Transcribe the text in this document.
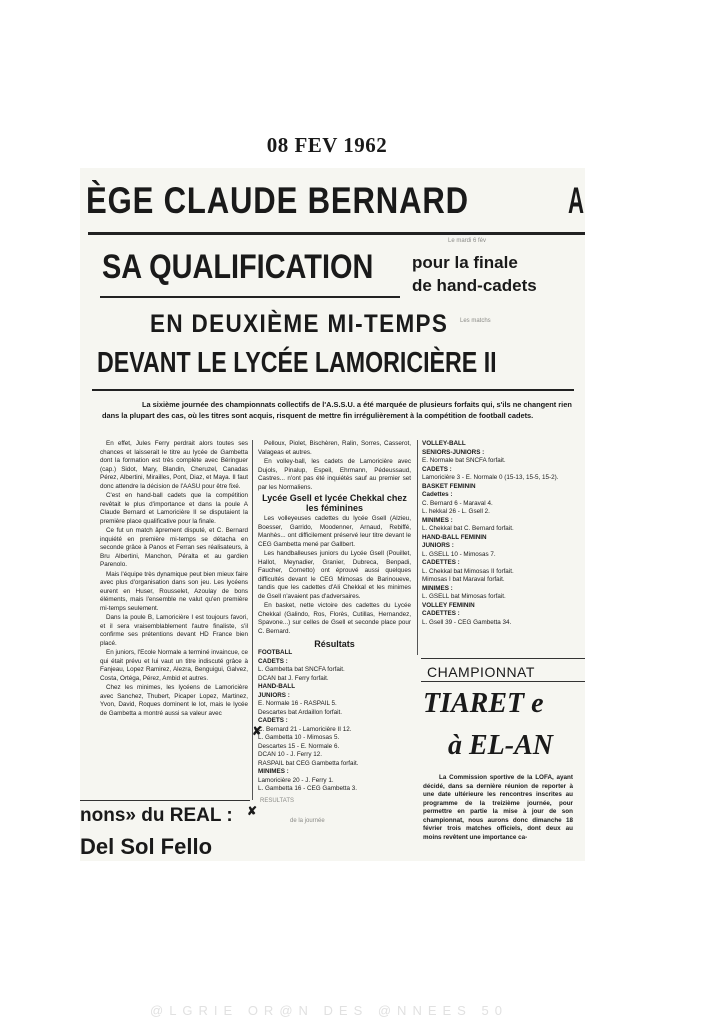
08 FEV 1962
ÈGE CLAUDE BERNARD	A
SA QUALIFICATION pour la finale
de hand-cadets
EN DEUXIÈME MI-TEMPS
DEVANT LE LYCÉE LAMORICIÈRE II
La sixième journée des championnats collectifs de l'A.S.S.U. a été marquée de plusieurs forfaits qui, s'ils ne changent rien dans la plupart des cas, où les titres sont acquis, risquent de mettre fin irrégulièrement à la compétition de football cadets.

En effet, Jules Ferry perdrait alors toutes ses chances et laisserait le titre au lycée de Gambetta dont la formation est très complète avec Béringuer (cap.) Sidot, Mary, Blandin, Cheruzel, Canadas Pérez, Albertini, Mirailles, Pont, Diaz, et Maya. Il faut donc attendre la décision de l'AASU pour être fixé.

C'est en hand-ball cadets que la compétition revêtait le plus d'importance et dans la poule A Claude Bernard et Lamoricière II se disputaient la première place qualificative pour la finale.

Ce fut un match âprement disputé, et C. Bernard inquiété en première mi-temps se détacha en seconde grâce à Panos et Ferran ses réalisateurs, à Bru Albertini, Manchon, Péralta et au gardien Parenolo.

Mais l'équipe très dynamique peut bien mieux faire avec plus d'organisation dans son jeu. Les lycéens eurent en Huser, Rousselet, Azoulay de bons éléments, mais l'ensemble ne valut qu'en première mi-temps seulement.

Dans la poule B, Lamoricière I est toujours favori, et il sera vraisemblablement l'autre finaliste, s'il confirme ses prétentions devant HD France bien placé.

En juniors, l'Ecole Normale a terminé invaincue, ce qui était prévu et lui vaut un titre indiscuté grâce à Fanjeau, Lopez Ramirez, Alezra, Benguigui, Galvez, Costa, Ortéga, Pérez, Ambid et autres.

Chez les minimes, les lycéens de Lamoricière avec Sanchez, Thubert, Picaper Lopez, Martinez, Yvon, David, Roques dominent le lot, mais le lycée de Gambetta a montré aussi sa valeur avec

Pelloux, Piolet, Bischèren, Ralin, Sorres, Casserot, Valageas et autres.

En volley-ball, les cadets de Lamoricière avec Dujols, Pinalup, Espeil, Ehrmann, Pédeussaud, Castres... n'ont pas été inquiétés sauf au premier set par les Normaliens.

Lycée Gsell et lycée Chekkal chez les féminines

Les volleyeuses cadettes du lycée Gsell (Alzieu, Boesser, Garrido, Moodenner, Arnaud, Rebiffé, Manhès... ont difficilement préservé leur titre devant le CEG Gambetta mené par Gallbert.

Les handballeuses juniors du Lycée Gsell (Pouillet, Hallot, Meynadier, Granier, Dubreca, Benpadi, Faucher, Cornetto) ont éprouvé aussi quelques difficultés devant le CEG Mimosas de Barinoueve, tandis que les cadettes d'Ali Chekkal et les minimes de Gsell n'avaient pas d'adversaires.

En basket, nette victoire des cadettes du Lycée Chekkal (Galindo, Ros, Florès, Cutillas, Hernandez, Spavone...) sur celles de Gsell et seconde place pour C. Bernard.

Résultats
FOOTBALL
CADETS :
L. Gambetta bat SNCFA forfait.
DCAN bat J. Ferry forfait.
HAND-BALL
JUNIORS :
E. Normale 16 - RASPAIL 5.
Descartes bat Ardaillon forfait.
CADETS :
C. Bernard 21 - Lamoricière II 12.
L. Gambetta 10 - Mimosas 5.
Descartes 15 - E. Normale 6.
DCAN 10 - J. Ferry 12.
RASPAIL bat CEG Gambetta forfait.
MINIMES :
Lamoricière 20 - J. Ferry 1.
L. Gambetta 16 - CEG Gambetta 3.
✘
✘
VOLLEY-BALL
SENIORS-JUNIORS :
E. Normale bat SNCFA forfait.
CADETS :
Lamoricière 3 - E. Normale 0 (15-13, 15-5, 15-2).
BASKET FEMININ
Cadettes :
C. Bernard 6 - Maraval 4.
L. hekkal 26 - L. Gsell 2.
MINIMES :
L. Chekkal bat C. Bernard forfait.
HAND-BALL FEMININ
JUNIORS :
L. GSELL 10 - Mimosas 7.
CADETTES :
L. Chekkal bat Mimosas II forfait.
Mimosas I bat Maraval forfait.
MINIMES :
L. GSELL bat Mimosas forfait.
VOLLEY FEMININ
CADETTES :
L. Gsell 39 - CEG Gambetta 34.
CHAMPIONNAT
TIARET e
à EL-AN

La Commission sportive de la LOFA, ayant décidé, dans sa dernière réunion de reporter à une date ultérieure les rencontres inscrites au programme de la treizième journée, pour permettre en partie la mise à jour de son championnat, nous aurons donc dimanche 18 février trois matches officiels, dont deux au moins revêtent une importance ca-

nons» du REAL :
Del Sol Fello
Le mardi 6 fév
Les matchs
RESULTATS
de la journée
@LGRIE OR@N DES @NNEES 50
